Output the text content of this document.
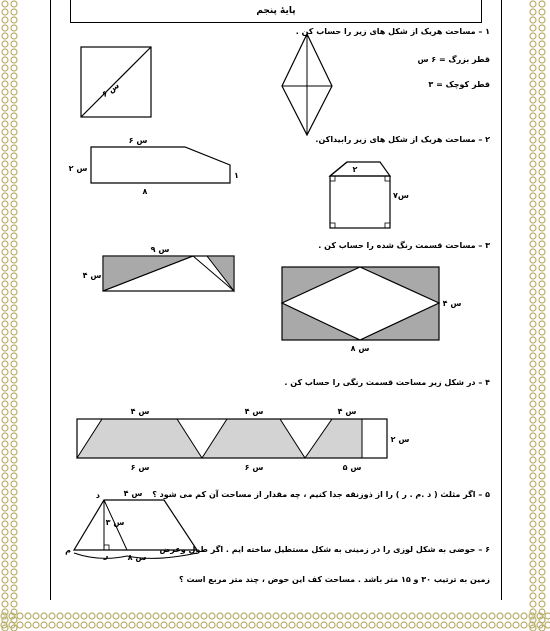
پایهٔ پنجم
۱ – مساحت هریک از شکل های زیر را حساب کن .
قطر بزرگ = ۶ س
قطر کوچک = ۳
۲ – مساحت هریک از شکل های زیر رابیداکن.
۳ – مساحت قسمت رنگ شده را حساب کن .
۴ – در شکل زیر مساحت قسمت رنگی را حساب کن .
۵ – اگر مثلث ( د .م . ر ) را از ذوزنقه جدا کنیم ، چه مقدار از مساحت آن کم می شود ؟
۶ – حوضی به شکل لوزی را در زمینی به شکل مستطیل ساخته ایم . اگر طول وعرض
زمین به ترتیب ۳۰ و ۱۵ متر باشد . مساحت کف این حوض ، چند متر مربع است ؟
۶ س
۶ س
۲ س
۱
۸
۲
۷س
۹ س
۴ س
۴ س
۸ س
۴ س	۴ س	۴ س
۶ س	۶ س	۵ س
۲ س
۴ س
۳ س
۸ س
م
ر
د
